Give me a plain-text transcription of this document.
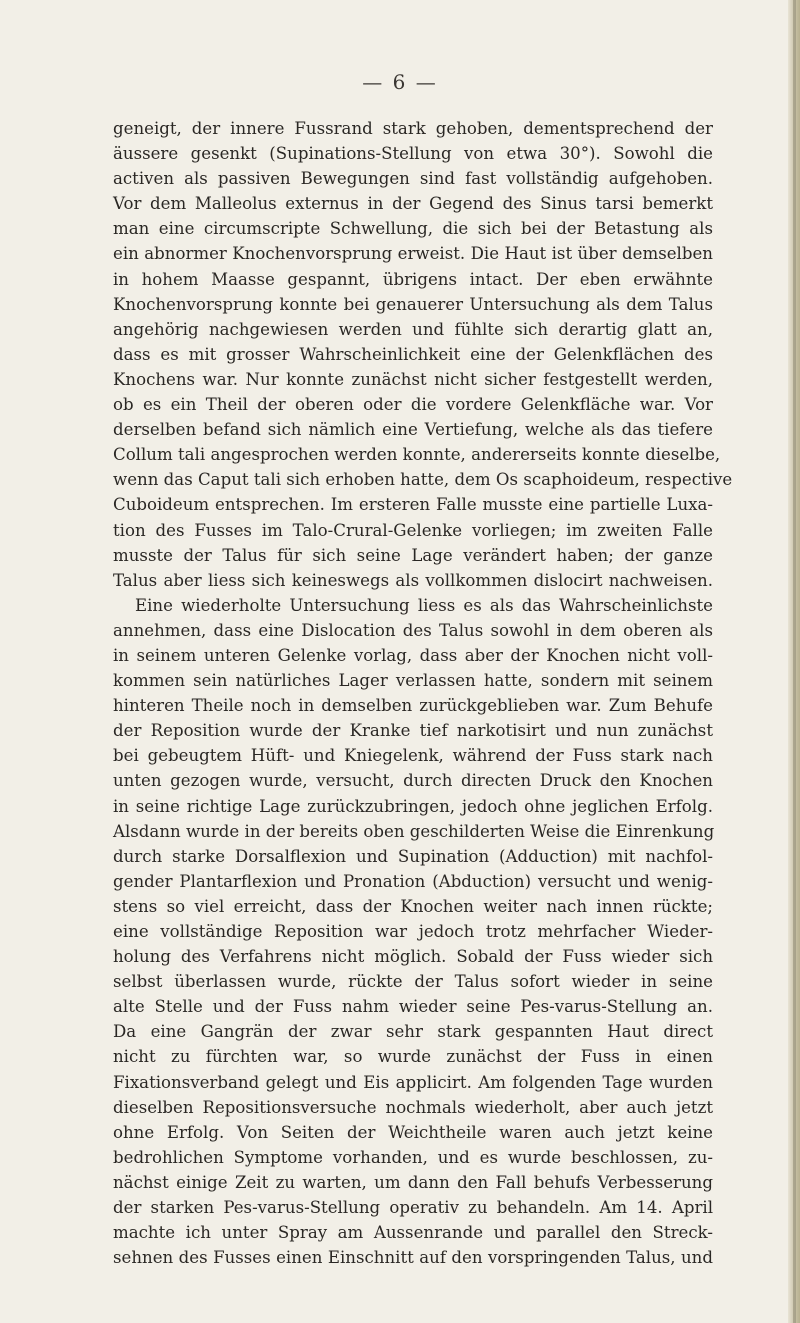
— 6 —
geneigt, der innere Fussrand stark gehoben, dementsprechend der
äussere gesenkt (Supinations-Stellung von etwa 30°). Sowohl die
activen als passiven Bewegungen sind fast vollständig aufgehoben.
Vor dem Malleolus externus in der Gegend des Sinus tarsi bemerkt
man eine circumscripte Schwellung, die sich bei der Betastung als
ein abnormer Knochenvorsprung erweist. Die Haut ist über demselben
in hohem Maasse gespannt, übrigens intact. Der eben erwähnte
Knochenvorsprung konnte bei genauerer Untersuchung als dem Talus
angehörig nachgewiesen werden und fühlte sich derartig glatt an,
dass es mit grosser Wahrscheinlichkeit eine der Gelenkflächen des
Knochens war. Nur konnte zunächst nicht sicher festgestellt werden,
ob es ein Theil der oberen oder die vordere Gelenkfläche war. Vor
derselben befand sich nämlich eine Vertiefung, welche als das tiefere
Collum tali angesprochen werden konnte, andererseits konnte dieselbe,
wenn das Caput tali sich erhoben hatte, dem Os scaphoideum, respective
Cuboideum entsprechen. Im ersteren Falle musste eine partielle Luxa-
tion des Fusses im Talo-Crural-Gelenke vorliegen; im zweiten Falle
musste der Talus für sich seine Lage verändert haben; der ganze
Talus aber liess sich keineswegs als vollkommen dislocirt nachweisen.
Eine wiederholte Untersuchung liess es als das Wahrscheinlichste
annehmen, dass eine Dislocation des Talus sowohl in dem oberen als
in seinem unteren Gelenke vorlag, dass aber der Knochen nicht voll-
kommen sein natürliches Lager verlassen hatte, sondern mit seinem
hinteren Theile noch in demselben zurückgeblieben war. Zum Behufe
der Reposition wurde der Kranke tief narkotisirt und nun zunächst
bei gebeugtem Hüft- und Kniegelenk, während der Fuss stark nach
unten gezogen wurde, versucht, durch directen Druck den Knochen
in seine richtige Lage zurückzubringen, jedoch ohne jeglichen Erfolg.
Alsdann wurde in der bereits oben geschilderten Weise die Einrenkung
durch starke Dorsalflexion und Supination (Adduction) mit nachfol-
gender Plantarflexion und Pronation (Abduction) versucht und wenig-
stens so viel erreicht, dass der Knochen weiter nach innen rückte;
eine vollständige Reposition war jedoch trotz mehrfacher Wieder-
holung des Verfahrens nicht möglich. Sobald der Fuss wieder sich
selbst überlassen wurde, rückte der Talus sofort wieder in seine
alte Stelle und der Fuss nahm wieder seine Pes-varus-Stellung an.
Da eine Gangrän der zwar sehr stark gespannten Haut direct
nicht zu fürchten war, so wurde zunächst der Fuss in einen
Fixationsverband gelegt und Eis applicirt. Am folgenden Tage wurden
dieselben Repositionsversuche nochmals wiederholt, aber auch jetzt
ohne Erfolg. Von Seiten der Weichtheile waren auch jetzt keine
bedrohlichen Symptome vorhanden, und es wurde beschlossen, zu-
nächst einige Zeit zu warten, um dann den Fall behufs Verbesserung
der starken Pes-varus-Stellung operativ zu behandeln. Am 14. April
machte ich unter Spray am Aussenrande und parallel den Streck-
sehnen des Fusses einen Einschnitt auf den vorspringenden Talus, und
